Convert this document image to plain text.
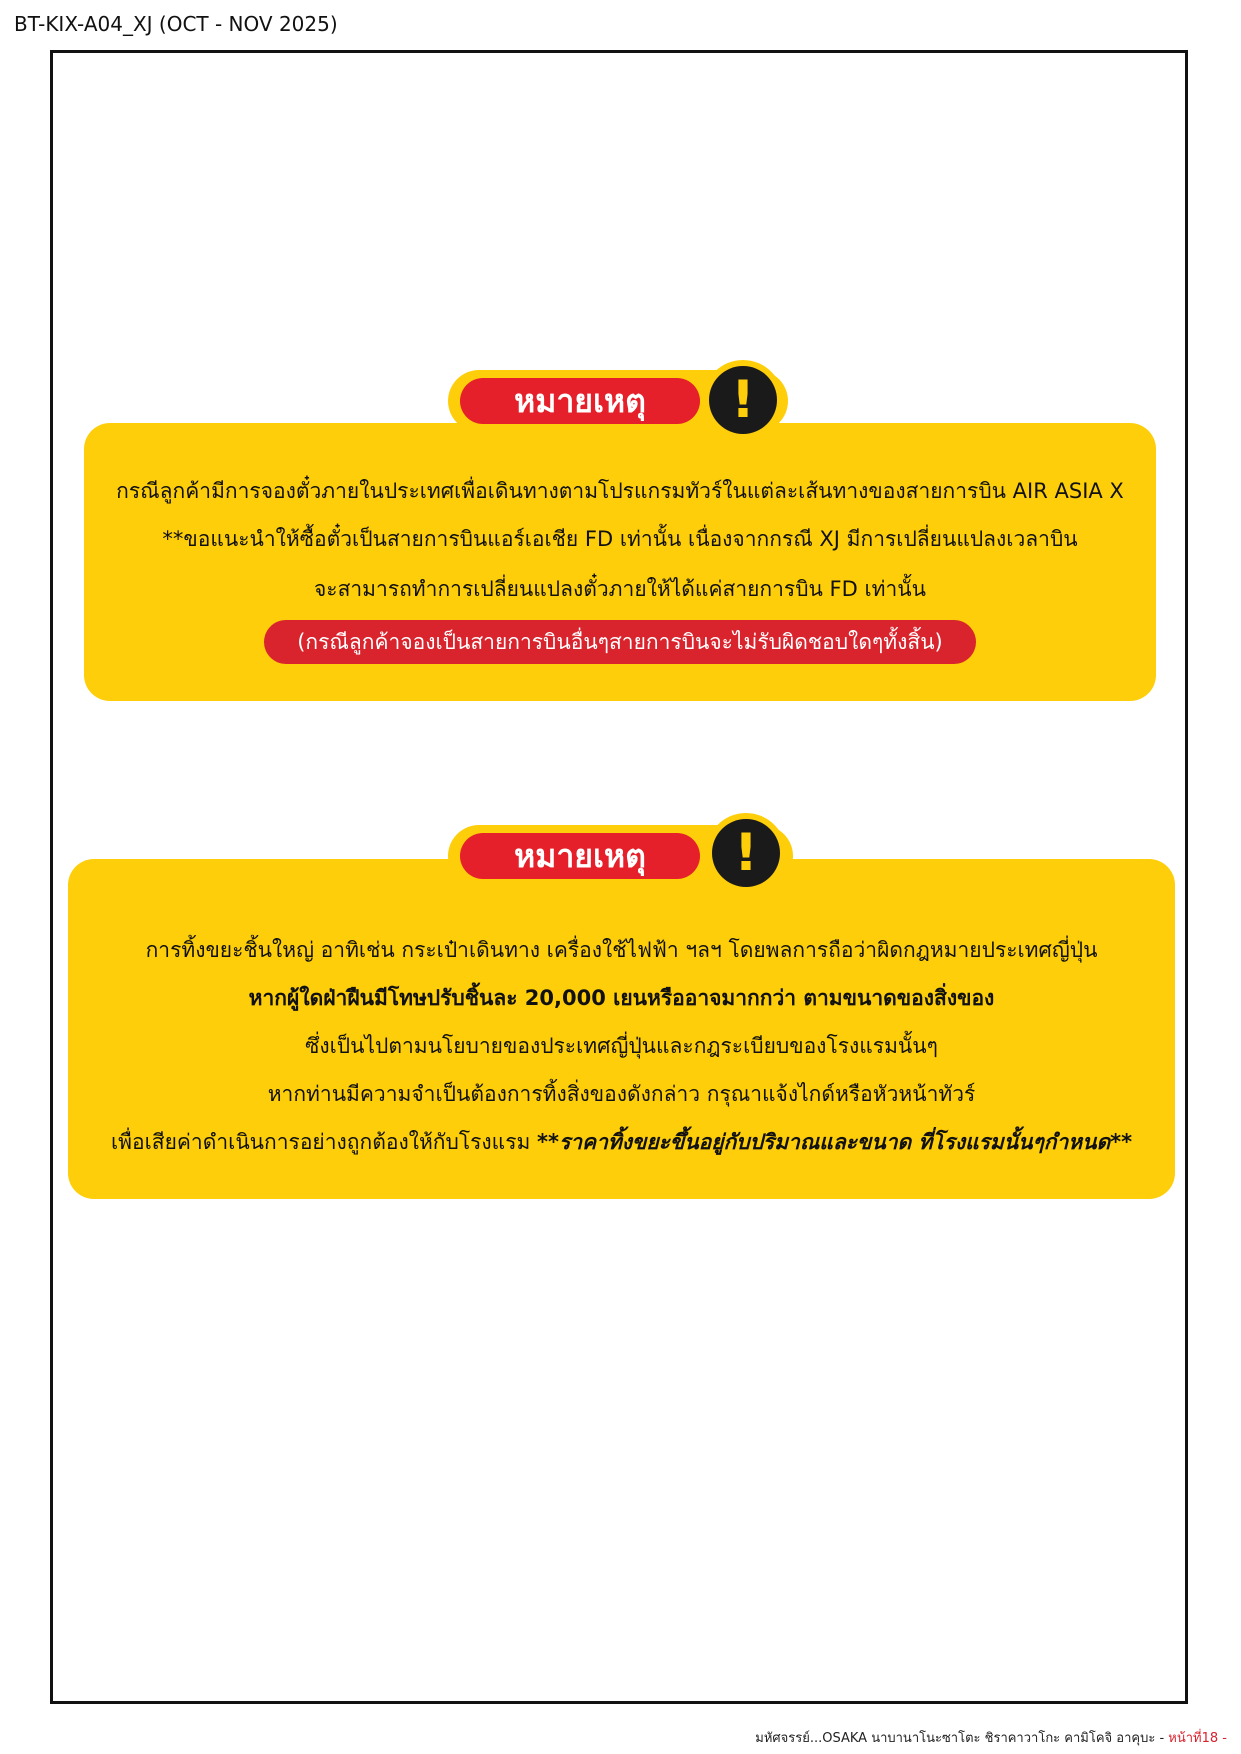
BT-KIX-A04_XJ (OCT - NOV 2025)
กรณีลูกค้ามีการจองตั๋วภายในประเทศเพื่อเดินทางตามโปรแกรมทัวร์ในแต่ละเส้นทางของสายการบิน AIR ASIA X
**ขอแนะนำให้ซื้อตั๋วเป็นสายการบินแอร์เอเชีย FD เท่านั้น เนื่องจากกรณี XJ มีการเปลี่ยนแปลงเวลาบิน
จะสามารถทำการเปลี่ยนแปลงตั๋วภายให้ได้แค่สายการบิน FD เท่านั้น
(กรณีลูกค้าจองเป็นสายการบินอื่นๆสายการบินจะไม่รับผิดชอบใดๆทั้งสิ้น)
หมายเหตุ	!
การทิ้งขยะชิ้นใหญ่ อาทิเช่น กระเป๋าเดินทาง เครื่องใช้ไฟฟ้า ฯลฯ โดยพลการถือว่าผิดกฎหมายประเทศญี่ปุ่น
หากผู้ใดฝ่าฝืนมีโทษปรับชิ้นละ 20,000 เยนหรืออาจมากกว่า ตามขนาดของสิ่งของ
ซึ่งเป็นไปตามนโยบายของประเทศญี่ปุ่นและกฎระเบียบของโรงแรมนั้นๆ
หากท่านมีความจำเป็นต้องการทิ้งสิ่งของดังกล่าว กรุณาแจ้งไกด์หรือหัวหน้าทัวร์
เพื่อเสียค่าดำเนินการอย่างถูกต้องให้กับโรงแรม **ราคาทิ้งขยะขึ้นอยู่กับปริมาณและขนาด ที่โรงแรมนั้นๆกำหนด**
หมายเหตุ	!
มหัศจรรย์...OSAKA นาบานาโนะซาโตะ ชิราคาวาโกะ คามิโคจิ อาคุบะ - หน้าที่18 -
